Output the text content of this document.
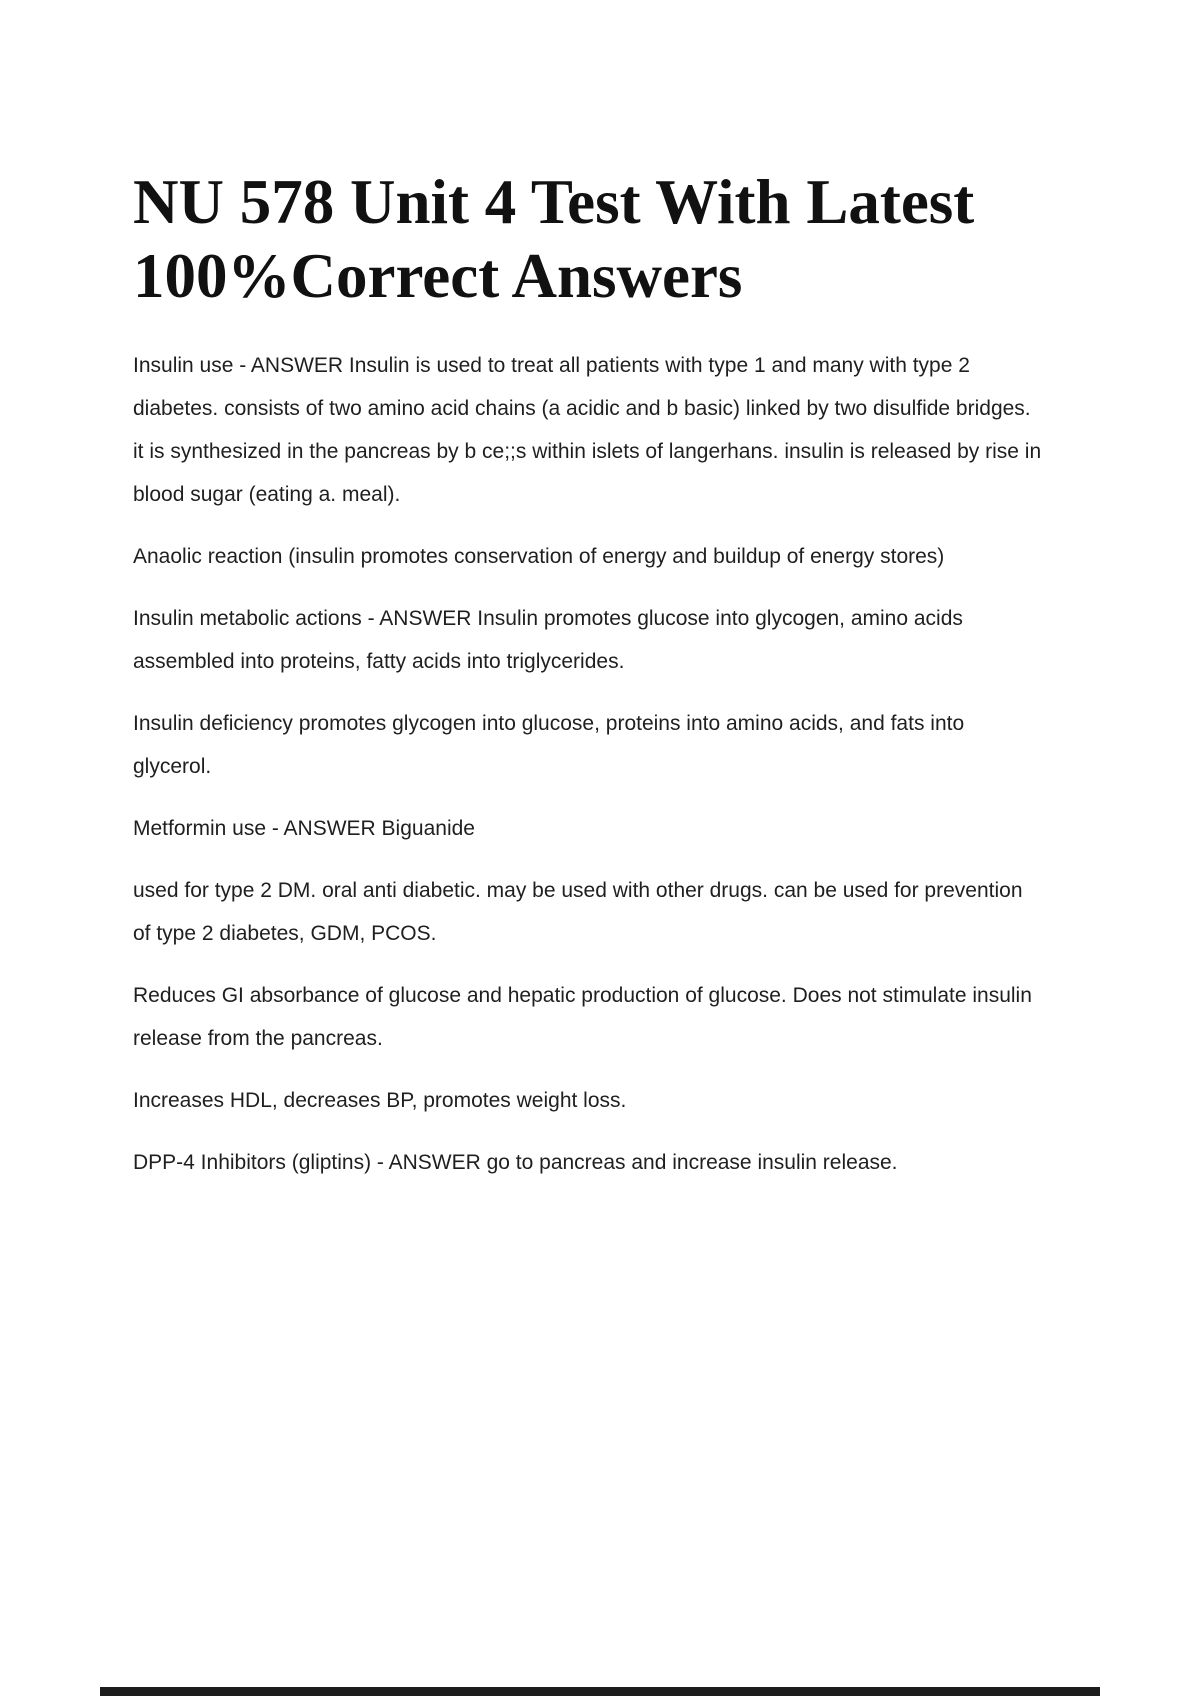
NU 578 Unit 4 Test With Latest 100%Correct Answers

Insulin use - ANSWER Insulin is used to treat all patients with type 1 and many with type 2 diabetes. consists of two amino acid chains (a acidic and b basic) linked by two disulfide bridges. it is synthesized in the pancreas by b ce;;s within islets of langerhans. insulin is released by rise in blood sugar (eating a. meal).

Anaolic reaction (insulin promotes conservation of energy and buildup of energy stores)

Insulin metabolic actions - ANSWER Insulin promotes glucose into glycogen, amino acids assembled into proteins, fatty acids into triglycerides.

Insulin deficiency promotes glycogen into glucose, proteins into amino acids, and fats into glycerol.

Metformin use - ANSWER Biguanide

used for type 2 DM. oral anti diabetic. may be used with other drugs. can be used for prevention of type 2 diabetes, GDM, PCOS.

Reduces GI absorbance of glucose and hepatic production of glucose. Does not stimulate insulin release from the pancreas.

Increases HDL, decreases BP, promotes weight loss.

DPP-4 Inhibitors (gliptins) - ANSWER go to pancreas and increase insulin release.
